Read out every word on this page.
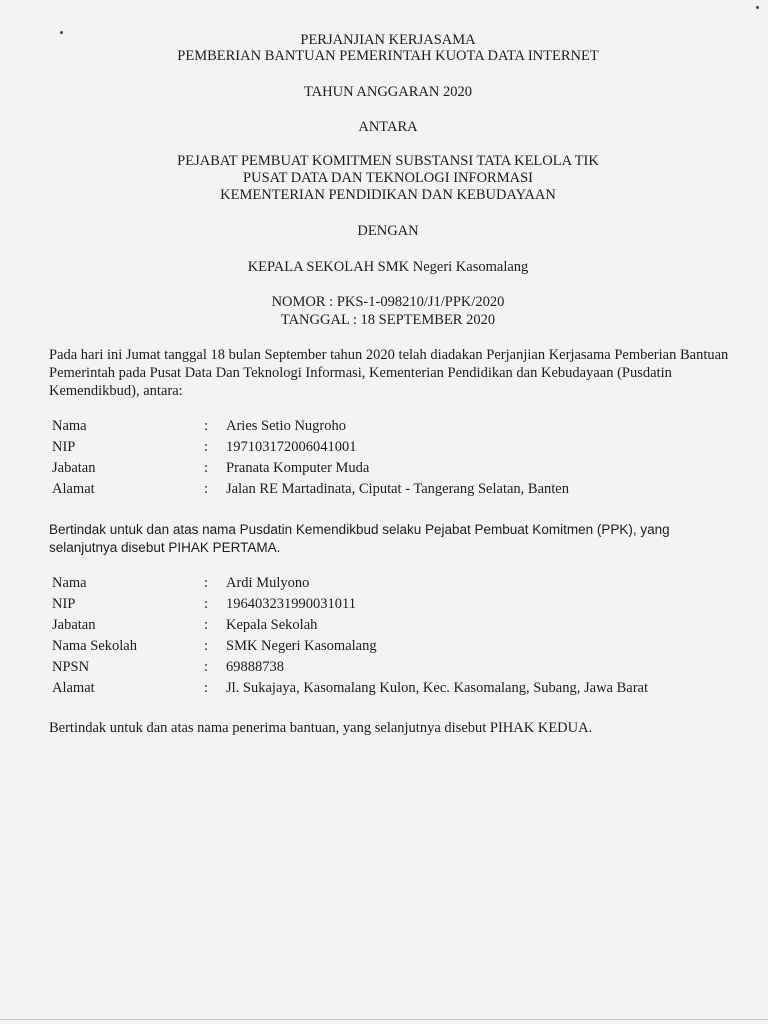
PERJANJIAN KERJASAMA
PEMBERIAN BANTUAN PEMERINTAH KUOTA DATA INTERNET
TAHUN ANGGARAN 2020
ANTARA
PEJABAT PEMBUAT KOMITMEN SUBSTANSI TATA KELOLA TIK
PUSAT DATA DAN TEKNOLOGI INFORMASI
KEMENTERIAN PENDIDIKAN DAN KEBUDAYAAN
DENGAN
KEPALA SEKOLAH SMK Negeri Kasomalang
NOMOR : PKS-1-098210/J1/PPK/2020
TANGGAL : 18 SEPTEMBER 2020
Pada hari ini Jumat tanggal 18 bulan September tahun 2020 telah diadakan Perjanjian Kerjasama Pemberian Bantuan Pemerintah pada Pusat Data Dan Teknologi Informasi, Kementerian Pendidikan dan Kebudayaan (Pusdatin Kemendikbud), antara:
Nama	: Aries Setio Nugroho
NIP	: 197103172006041001
Jabatan	: Pranata Komputer Muda
Alamat	: Jalan RE Martadinata, Ciputat - Tangerang Selatan, Banten
Bertindak untuk dan atas nama Pusdatin Kemendikbud selaku Pejabat Pembuat Komitmen (PPK), yang selanjutnya disebut PIHAK PERTAMA.
Nama	: Ardi Mulyono
NIP	: 196403231990031011
Jabatan	: Kepala Sekolah
Nama Sekolah	: SMK Negeri Kasomalang
NPSN	: 69888738
Alamat	: Jl. Sukajaya, Kasomalang Kulon, Kec. Kasomalang, Subang, Jawa Barat
Bertindak untuk dan atas nama penerima bantuan, yang selanjutnya disebut PIHAK KEDUA.
